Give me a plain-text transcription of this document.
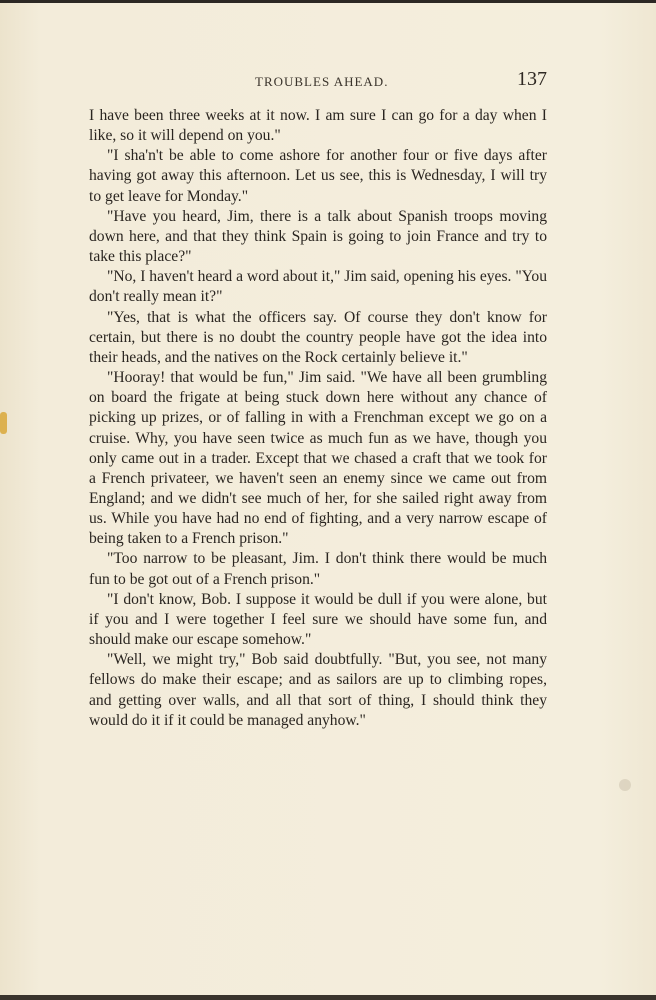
TROUBLES AHEAD.	137

I have been three weeks at it now. I am sure I can go for a day when I like, so it will depend on you."

"I sha'n't be able to come ashore for another four or five days after having got away this afternoon. Let us see, this is Wednesday, I will try to get leave for Monday."

"Have you heard, Jim, there is a talk about Spanish troops moving down here, and that they think Spain is going to join France and try to take this place?"

"No, I haven't heard a word about it," Jim said, opening his eyes. "You don't really mean it?"

"Yes, that is what the officers say. Of course they don't know for certain, but there is no doubt the country people have got the idea into their heads, and the natives on the Rock certainly believe it."

"Hooray! that would be fun," Jim said. "We have all been grumbling on board the frigate at being stuck down here without any chance of picking up prizes, or of falling in with a Frenchman except we go on a cruise. Why, you have seen twice as much fun as we have, though you only came out in a trader. Except that we chased a craft that we took for a French privateer, we haven't seen an enemy since we came out from England; and we didn't see much of her, for she sailed right away from us. While you have had no end of fighting, and a very narrow escape of being taken to a French prison."

"Too narrow to be pleasant, Jim. I don't think there would be much fun to be got out of a French prison."

"I don't know, Bob. I suppose it would be dull if you were alone, but if you and I were together I feel sure we should have some fun, and should make our escape somehow."

"Well, we might try," Bob said doubtfully. "But, you see, not many fellows do make their escape; and as sailors are up to climbing ropes, and getting over walls, and all that sort of thing, I should think they would do it if it could be managed anyhow."
